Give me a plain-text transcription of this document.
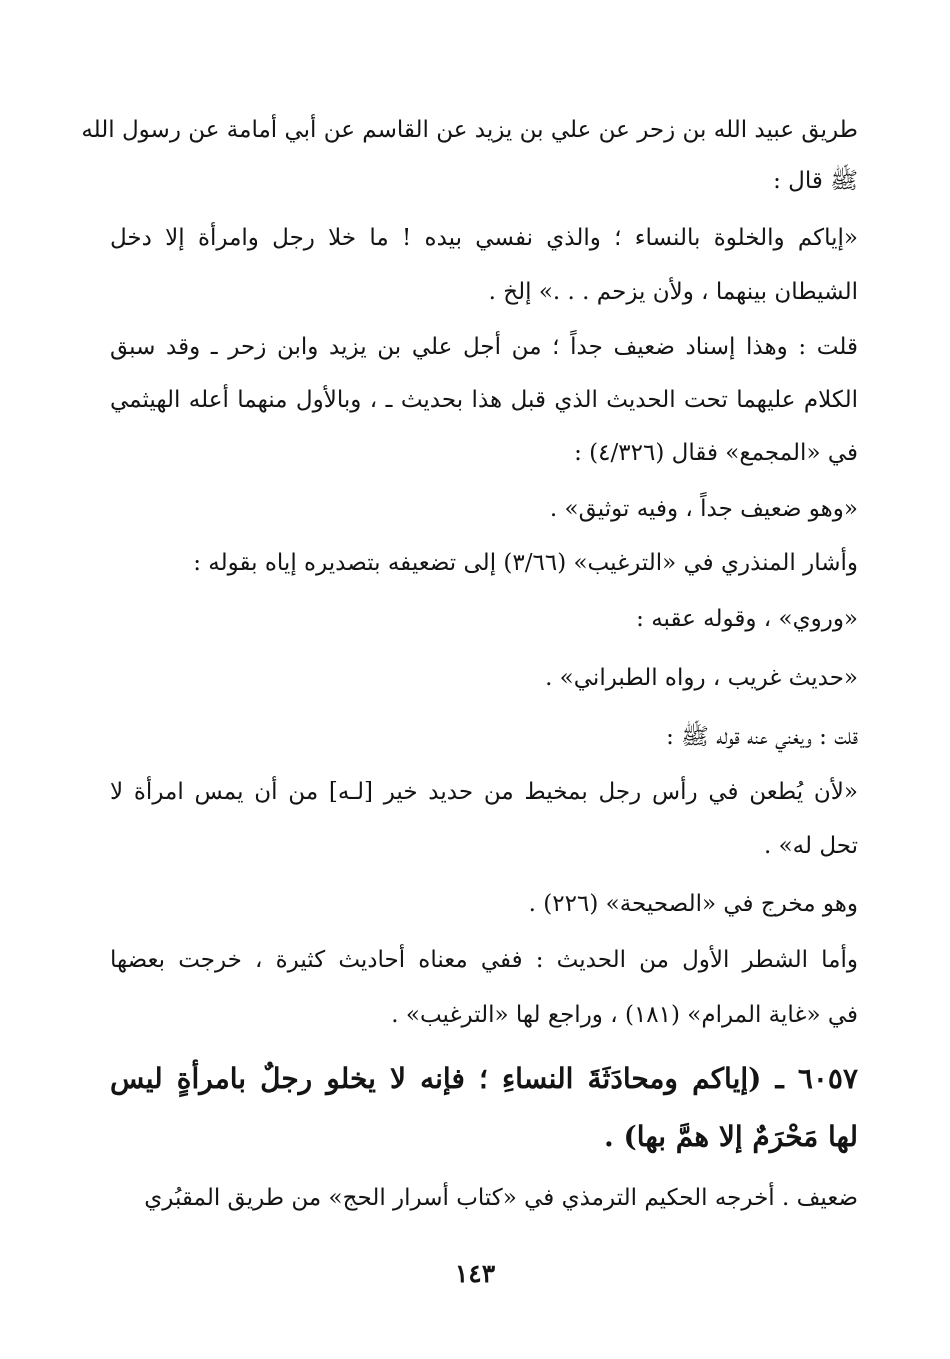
طريق عبيد الله بن زحر عن علي بن يزيد عن القاسم عن أبي أمامة عن رسول الله
ﷺ قال :
«إياكم والخلوة بالنساء ؛ والذي نفسي بيده ! ما خلا رجل وامرأة إلا دخل
الشيطان بينهما ، ولأن يزحم . . .» إلخ .
قلت : وهذا إسناد ضعيف جداً ؛ من أجل علي بن يزيد وابن زحر ـ وقد سبق
الكلام عليهما تحت الحديث الذي قبل هذا بحديث ـ ، وبالأول منهما أعله الهيثمي
في «المجمع» فقال (٤/٣٢٦) :
«وهو ضعيف جداً ، وفيه توثيق» .
وأشار المنذري في «الترغيب» (٣/٦٦) إلى تضعيفه بتصديره إياه بقوله :
«وروي» ، وقوله عقبه :
«حديث غريب ، رواه الطبراني» .
قلت : ويغني عنه قوله ﷺ :
«لأن يُطعن في رأس رجل بمخيط من حديد خير [لـه] من أن يمس امرأة لا
تحل له» .
وهو مخرج في «الصحيحة» (٢٢٦) .
وأما الشطر الأول من الحديث : ففي معناه أحاديث كثيرة ، خرجت بعضها
في «غاية المرام» (١٨١) ، وراجع لها «الترغيب» .
٦٠٥٧ ـ (إياكم ومحادَثَةَ النساءِ ؛ فإنه لا يخلو رجلٌ بامرأةٍ ليس
لها مَحْرَمٌ إلا همَّ بها) .
ضعيف . أخرجه الحكيم الترمذي في «كتاب أسرار الحج» من طريق المقبُري
١٤٣
